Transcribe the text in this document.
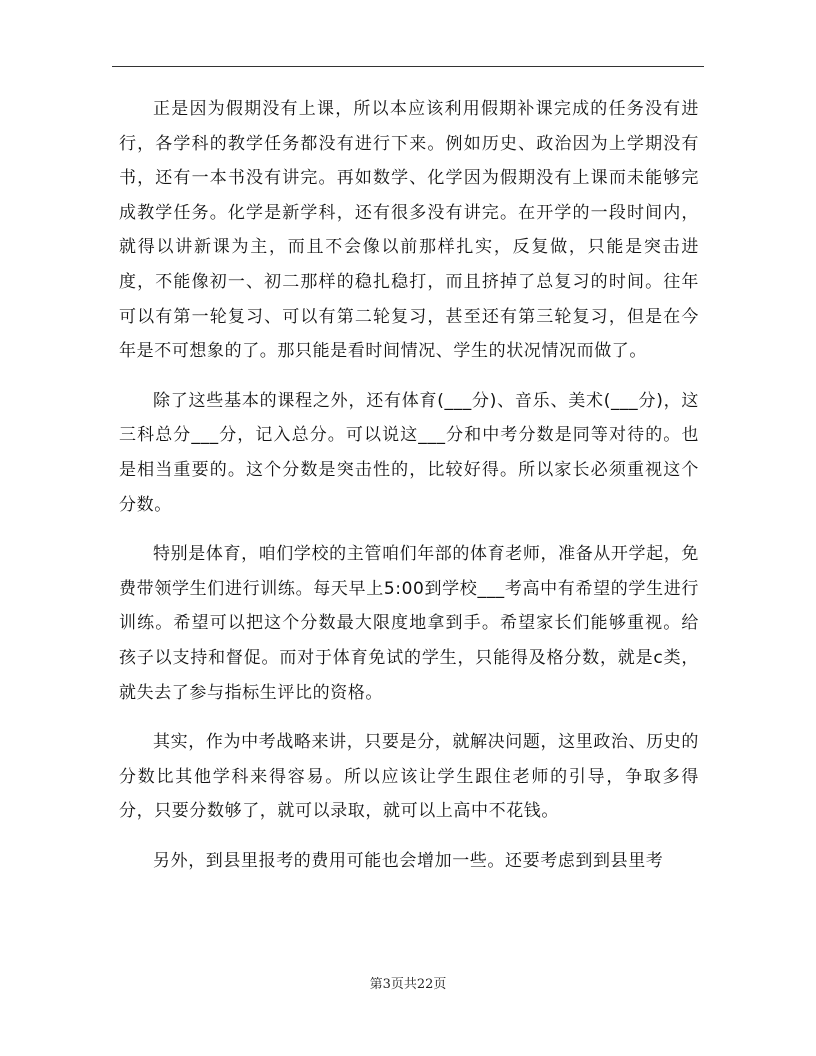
正是因为假期没有上课，所以本应该利用假期补课完成的任务没有进行，各学科的教学任务都没有进行下来。例如历史、政治因为上学期没有书，还有一本书没有讲完。再如数学、化学因为假期没有上课而未能够完成教学任务。化学是新学科，还有很多没有讲完。在开学的一段时间内，就得以讲新课为主，而且不会像以前那样扎实，反复做，只能是突击进度，不能像初一、初二那样的稳扎稳打，而且挤掉了总复习的时间。往年可以有第一轮复习、可以有第二轮复习，甚至还有第三轮复习，但是在今年是不可想象的了。那只能是看时间情况、学生的状况情况而做了。

除了这些基本的课程之外，还有体育(___分)、音乐、美术(___分)，这三科总分___分，记入总分。可以说这___分和中考分数是同等对待的。也是相当重要的。这个分数是突击性的，比较好得。所以家长必须重视这个分数。

特别是体育，咱们学校的主管咱们年部的体育老师，准备从开学起，免费带领学生们进行训练。每天早上5:00到学校___考高中有希望的学生进行训练。希望可以把这个分数最大限度地拿到手。希望家长们能够重视。给孩子以支持和督促。而对于体育免试的学生，只能得及格分数，就是c类，就失去了参与指标生评比的资格。

其实，作为中考战略来讲，只要是分，就解决问题，这里政治、历史的分数比其他学科来得容易。所以应该让学生跟住老师的引导，争取多得分，只要分数够了，就可以录取，就可以上高中不花钱。

另外，到县里报考的费用可能也会增加一些。还要考虑到到县里考

第3页共22页
